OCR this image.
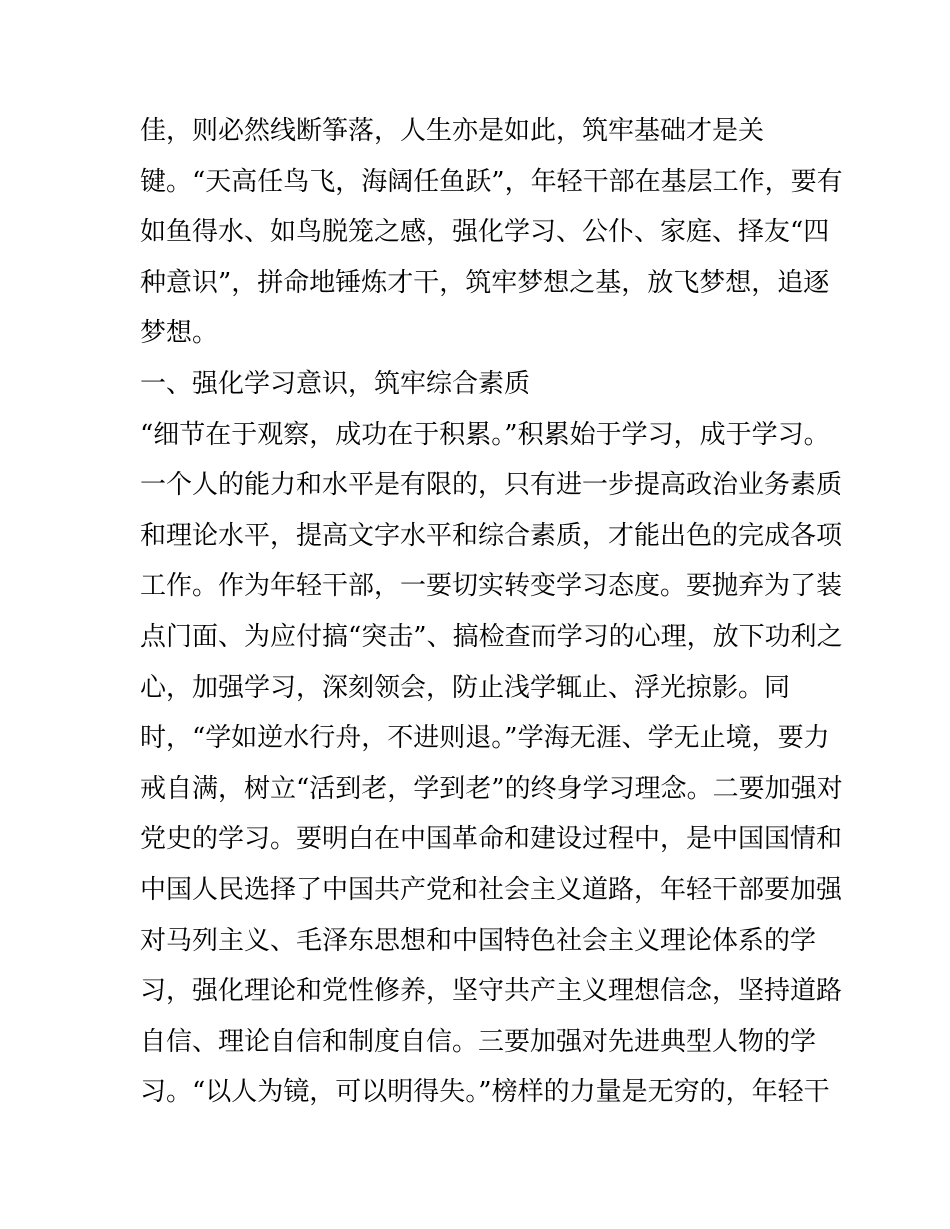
佳，则必然线断筝落，人生亦是如此，筑牢基础才是关
键。“天高任鸟飞，海阔任鱼跃”，年轻干部在基层工作，要有
如鱼得水、如鸟脱笼之感，强化学习、公仆、家庭、择友“四
种意识”，拼命地锤炼才干，筑牢梦想之基，放飞梦想，追逐
梦想。
一、强化学习意识，筑牢综合素质
“细节在于观察，成功在于积累。”积累始于学习，成于学习。
一个人的能力和水平是有限的，只有进一步提高政治业务素质
和理论水平，提高文字水平和综合素质，才能出色的完成各项
工作。作为年轻干部，一要切实转变学习态度。要抛弃为了装
点门面、为应付搞“突击”、搞检查而学习的心理，放下功利之
心，加强学习，深刻领会，防止浅学辄止、浮光掠影。同
时，“学如逆水行舟，不进则退。”学海无涯、学无止境，要力
戒自满，树立“活到老，学到老”的终身学习理念。二要加强对
党史的学习。要明白在中国革命和建设过程中，是中国国情和
中国人民选择了中国共产党和社会主义道路，年轻干部要加强
对马列主义、毛泽东思想和中国特色社会主义理论体系的学
习，强化理论和党性修养，坚守共产主义理想信念，坚持道路
自信、理论自信和制度自信。三要加强对先进典型人物的学
习。“以人为镜，可以明得失。”榜样的力量是无穷的，年轻干
